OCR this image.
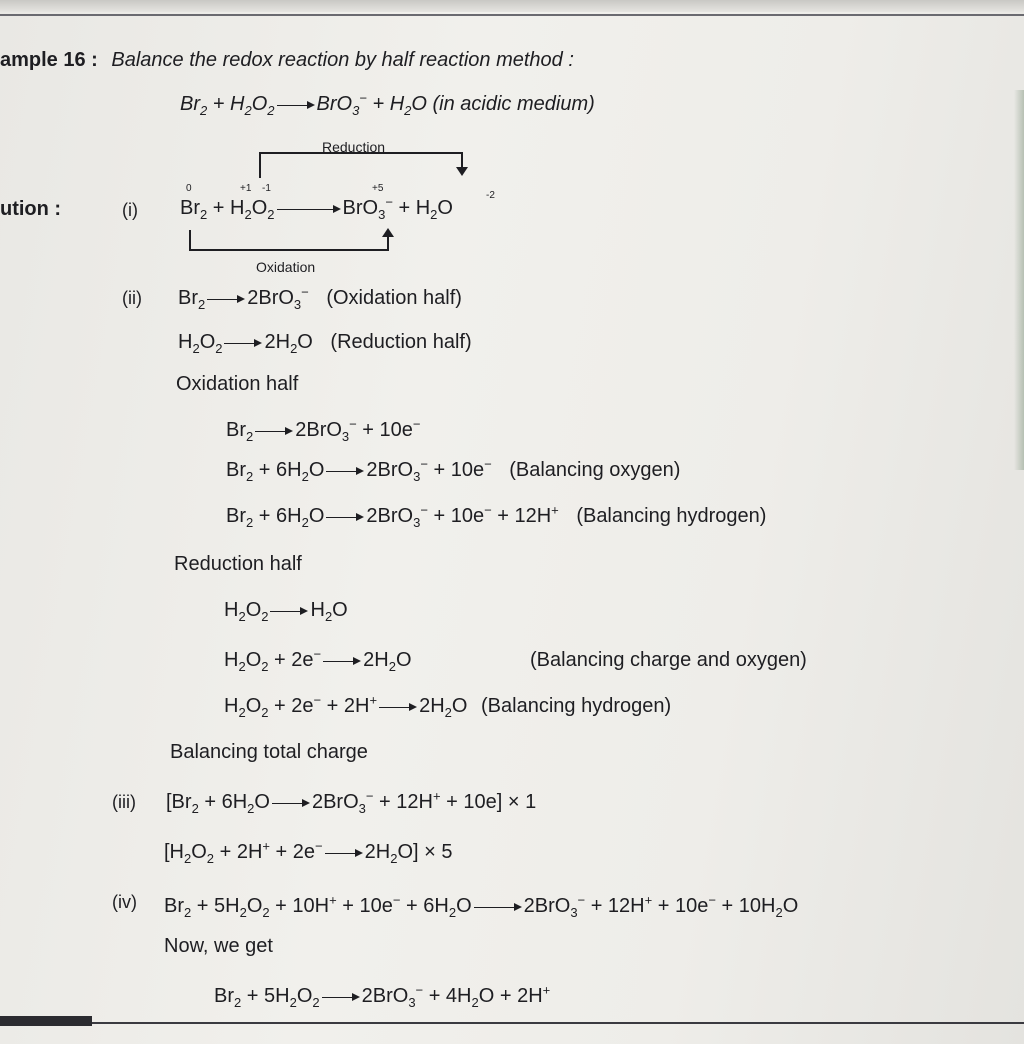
ample 16 : Balance the redox reaction by half reaction method :
$Br_2 + H_2O_2$ $BrO_3^- + H_2O$ (in acidic medium)
ution :	(i)
Reduction
Oxidation
0	+1 -1	+5
-2
$Br_2 + H_2O_2$	$BrO_3^- + H_2O$
(ii) $Br_2$ 2BrO$_3$− (Oxidation half)
$H_2O_2$ $2H_2O$ (Reduction half)
Oxidation half
$Br_2$ 2BrO$_3$− + 10e−
$Br_2 + 6H_2O$ 2BrO$_3$− + 10e− (Balancing oxygen)
$Br_2 + 6H_2O$ 2BrO$_3$− + 10e− + 12H+ (Balancing hydrogen)
Reduction half
$H_2O_2$ $H_2O$
$H_2O_2 + 2e^-$ $2H_2O$	(Balancing charge and oxygen)
$H_2O_2 + 2e^- + 2H^+$ $2H_2O$ (Balancing hydrogen)
Balancing total charge
(iii) [$Br_2 + 6H_2O$ 2BrO$_3$− + 12H+ + 10e] × 1
[$H_2O_2 + 2H^+ + 2e^-$ $2H_2O] \times 5$
(iv) $Br_2 + 5H_2O_2 + 10H^+ + 10e^- + 6H_2O$	$2BrO_3^- + 12H^+ + 10e^- + 10H_2O$
Now, we get
$Br_2 + 5H_2O_2$ $2BrO_3^- + 4H_2O + 2H^+$
